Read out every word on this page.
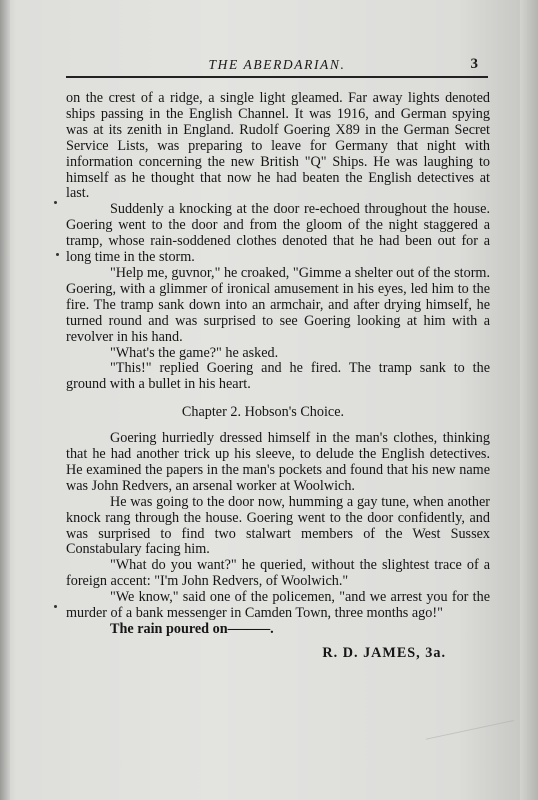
THE ABERDARIAN.	3

on the crest of a ridge, a single light gleamed. Far away lights denoted ships passing in the English Channel. It was 1916, and German spying was at its zenith in England. Rudolf Goering X89 in the German Secret Service Lists, was preparing to leave for Germany that night with information concerning the new British "Q" Ships. He was laughing to himself as he thought that now he had beaten the English detectives at last.

Suddenly a knocking at the door re-echoed throughout the house. Goering went to the door and from the gloom of the night staggered a tramp, whose rain-soddened clothes denoted that he had been out for a long time in the storm.

"Help me, guvnor," he croaked, "Gimme a shelter out of the storm. Goering, with a glimmer of ironical amusement in his eyes, led him to the fire. The tramp sank down into an armchair, and after drying himself, he turned round and was surprised to see Goering looking at him with a revolver in his hand.

"What's the game?" he asked.

"This!" replied Goering and he fired. The tramp sank to the ground with a bullet in his heart.

Chapter 2. Hobson's Choice.

Goering hurriedly dressed himself in the man's clothes, thinking that he had another trick up his sleeve, to delude the English detectives. He examined the papers in the man's pockets and found that his new name was John Redvers, an arsenal worker at Woolwich.

He was going to the door now, humming a gay tune, when another knock rang through the house. Goering went to the door confidently, and was surprised to find two stalwart members of the West Sussex Constabulary facing him.

"What do you want?" he queried, without the slightest trace of a foreign accent: "I'm John Redvers, of Woolwich."

"We know," said one of the policemen, "and we arrest you for the murder of a bank messenger in Camden Town, three months ago!"

The rain poured on———.

R. D. JAMES, 3a.
